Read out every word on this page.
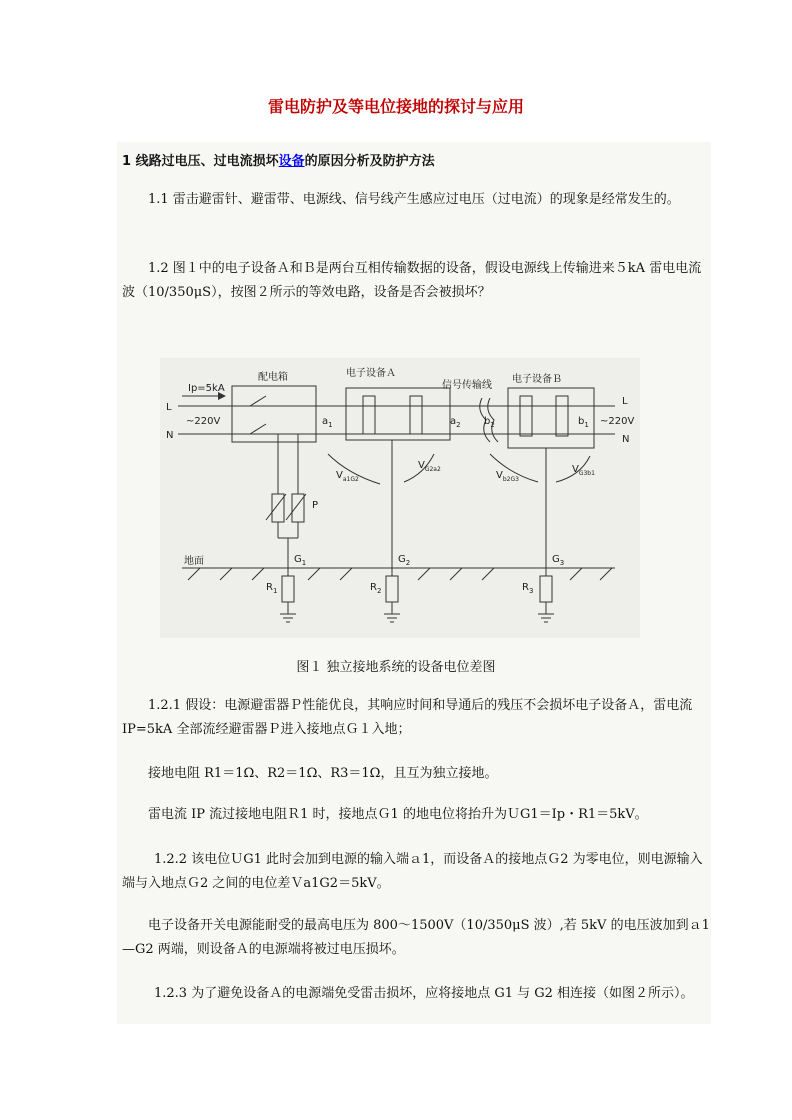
雷电防护及等电位接地的探讨与应用
1 线路过电压、过电流损坏设备的原因分析及防护方法

1.1 雷击避雷针、避雷带、电源线、信号线产生感应过电压（过电流）的现象是经常发生的。

1.2 图１中的电子设备Ａ和Ｂ是两台互相传输数据的设备，假设电源线上传输进来５kA 雷电电流波（10/350μS），按图２所示的等效电路，设备是否会被损坏？

配电箱	电子设备Ａ
电子设备Ｂ
信号传输线
Ip=5kA
~220V	~220V
L
N
L
N
$a_1$	$a_2$ $b_2$	$b_1$
$V_{a1G2}$
$V_{G2a2}$
$V_{b2G3}$
$V_{G3b1}$
P
地面	$G_1$	$G_2$	$G_3$
$R_1$	$R_2$	$R_3$
图１ 独立接地系统的设备电位差图

1.2.1 假设：电源避雷器Ｐ性能优良，其响应时间和导通后的残压不会损坏电子设备Ａ，雷电流 IP=5kA 全部流经避雷器Ｐ进入接地点Ｇ１入地；

接地电阻 R1＝1Ω、R2＝1Ω、R3＝1Ω，且互为独立接地。

雷电流 IP 流过接地电阻Ｒ1 时，接地点Ｇ1 的地电位将抬升为ＵG1＝Ip・R1＝5kV。

1.2.2 该电位ＵG1 此时会加到电源的输入端ａ1，而设备Ａ的接地点Ｇ2 为零电位，则电源输入端与入地点Ｇ2 之间的电位差Ｖa1G2＝5kV。

电子设备开关电源能耐受的最高电压为 800～1500V（10/350μS 波）,若 5kV 的电压波加到ａ1—G2 两端，则设备Ａ的电源端将被过电压损坏。

1.2.3 为了避免设备Ａ的电源端免受雷击损坏，应将接地点 G1 与 G2 相连接（如图２所示）。
